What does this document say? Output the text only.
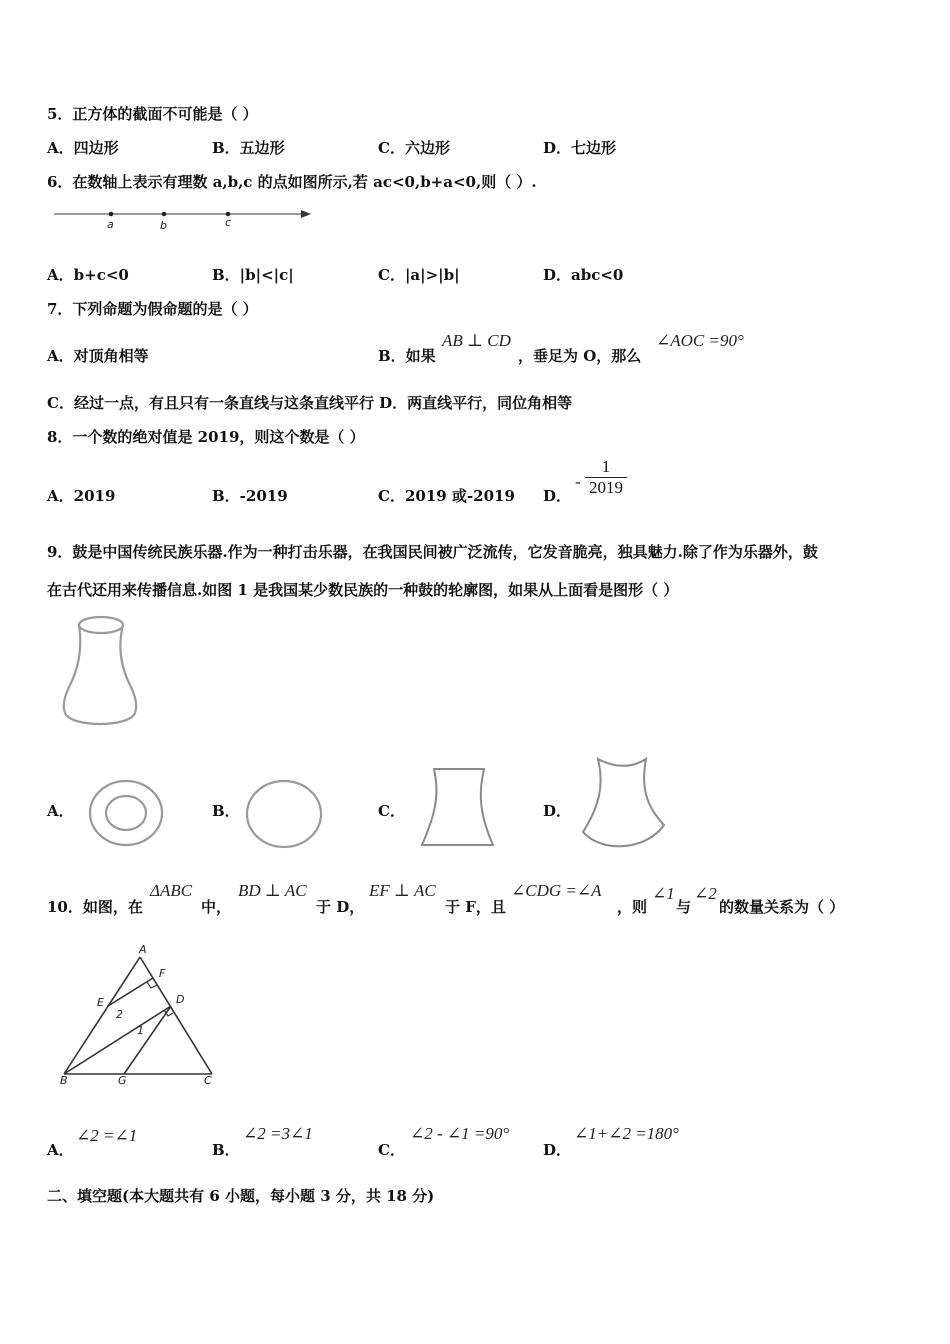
5．正方体的截面不可能是（ ）
A．四边形	B．五边形	C．六边形	D．七边形
6．在数轴上表示有理数 a,b,c 的点如图所示,若 ac<0,b+a<0,则（ ）.
a	b	c
A．b+c<0	B．|b|<|c|	C．|a|>|b|	D．abc<0
7．下列命题为假命题的是（ ）
A．对顶角相等	B．如果
AB ⊥ CD
，垂足为 O，那么
∠AOC =90°
C．经过一点，有且只有一条直线与这条直线平行 D．两直线平行，同位角相等
8．一个数的绝对值是 2019，则这个数是（ ）
A．2019	B．-2019	C．2019 或-2019 D．
- $\frac{1}{2019}$
9．鼓是中国传统民族乐器.作为一种打击乐器，在我国民间被广泛流传，它发音脆亮，独具魅力.除了作为乐器外，鼓
在古代还用来传播信息.如图 1 是我国某少数民族的一种鼓的轮廓图，如果从上面看是图形（ ）
A．	B．	C．	D．
10．如图，在
ΔABC
中，
BD ⊥ AC
于 D，
EF ⊥ AC
于 F，且
∠CDG =∠A
，则
∠1
与
∠2
的数量关系为（ ）
A
F
E	D
2
1
B	G	C
A．
∠2 =∠1
B．
∠2 =3∠1
C．
∠2 - ∠1 =90°
D．
∠1+∠2 =180°
二、填空题(本大题共有 6 小题，每小题 3 分，共 18 分)
